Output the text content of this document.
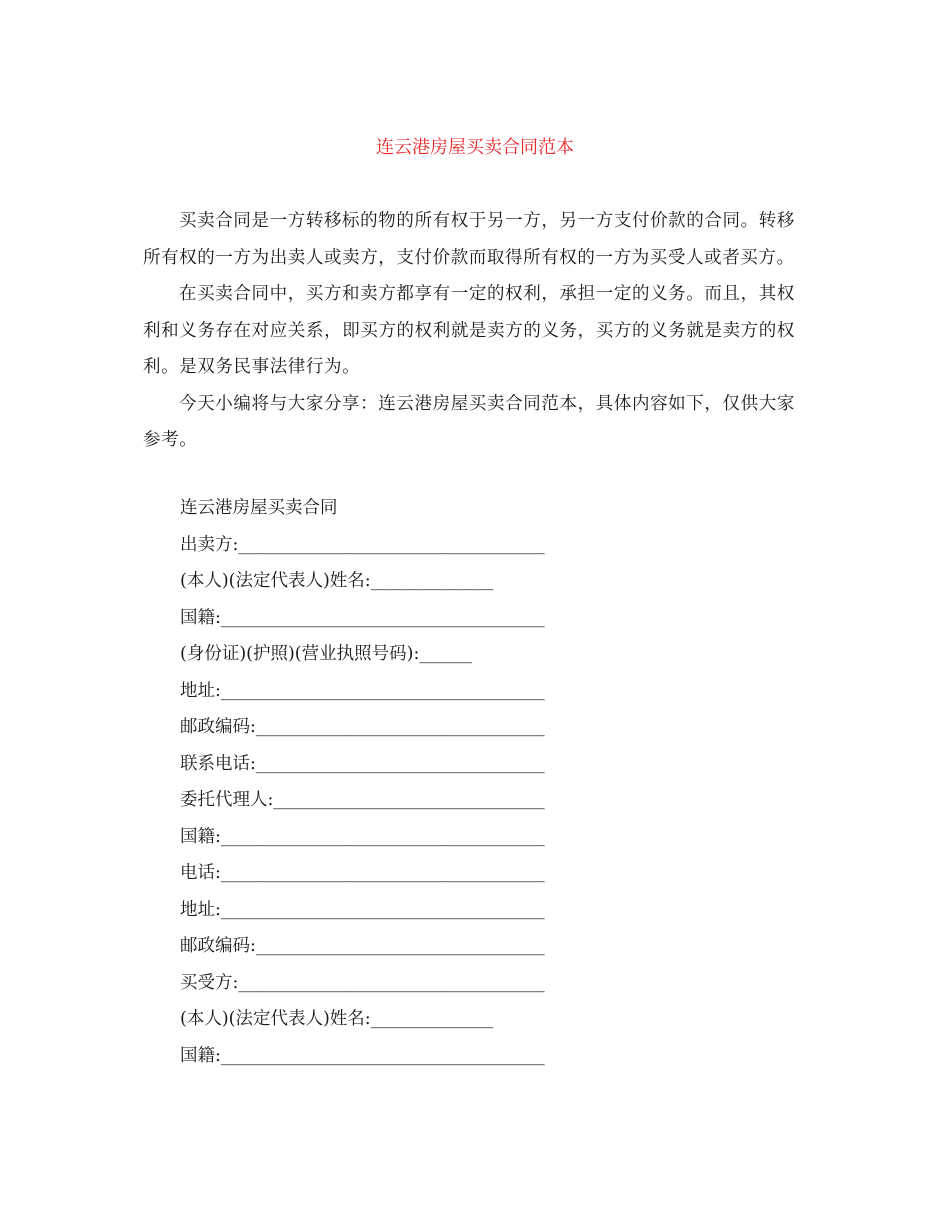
连云港房屋买卖合同范本

买卖合同是一方转移标的物的所有权于另一方，另一方支付价款的合同。转移所有权的一方为出卖人或卖方，支付价款而取得所有权的一方为买受人或者买方。

在买卖合同中，买方和卖方都享有一定的权利，承担一定的义务。而且，其权利和义务存在对应关系，即买方的权利就是卖方的义务，买方的义务就是卖方的权利。是双务民事法律行为。

今天小编将与大家分享：连云港房屋买卖合同范本，具体内容如下，仅供大家参考。

连云港房屋买卖合同
出卖方:___________________________________
(本人)(法定代表人)姓名:______________
国籍:_____________________________________
(身份证)(护照)(营业执照号码):______
地址:_____________________________________
邮政编码:_________________________________
联系电话:_________________________________
委托代理人:_______________________________
国籍:_____________________________________
电话:_____________________________________
地址:_____________________________________
邮政编码:_________________________________
买受方:___________________________________
(本人)(法定代表人)姓名:______________
国籍:_____________________________________
